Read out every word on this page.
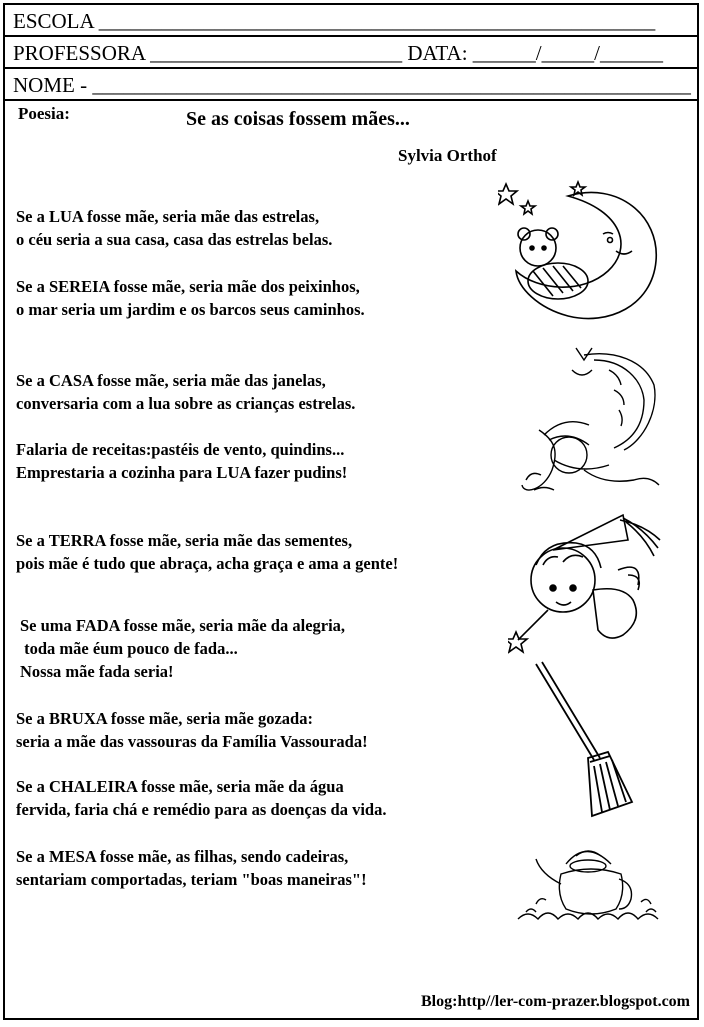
ESCOLA _____________________________________________________
PROFESSORA ________________________ DATA: ______/_____/______
NOME - _________________________________________________________
Poesia:	Se as coisas fossem mães...
Sylvia Orthof
Se a LUA fosse mãe, seria mãe das estrelas,
o céu seria a sua casa, casa das estrelas belas.
Se a SEREIA fosse mãe, seria mãe dos peixinhos,
o mar seria um jardim e os barcos seus caminhos.
Se a CASA fosse mãe, seria mãe das janelas,
conversaria com a lua sobre as crianças estrelas.
Falaria de receitas:pastéis de vento, quindins...
Emprestaria a cozinha para LUA fazer pudins!
Se a TERRA fosse mãe, seria mãe das sementes,
pois mãe é tudo que abraça, acha graça e ama a gente!
Se uma FADA fosse mãe, seria mãe da alegria,
toda mãe éum pouco de fada...
Nossa mãe fada seria!
Se a BRUXA fosse mãe, seria mãe gozada:
seria a mãe das vassouras da Família Vassourada!
Se a CHALEIRA fosse mãe, seria mãe da água
fervida, faria chá e remédio para as doenças da vida.
Se a MESA fosse mãe, as filhas, sendo cadeiras,
sentariam comportadas, teriam "boas maneiras"!
Blog:http//ler-com-prazer.blogspot.com
